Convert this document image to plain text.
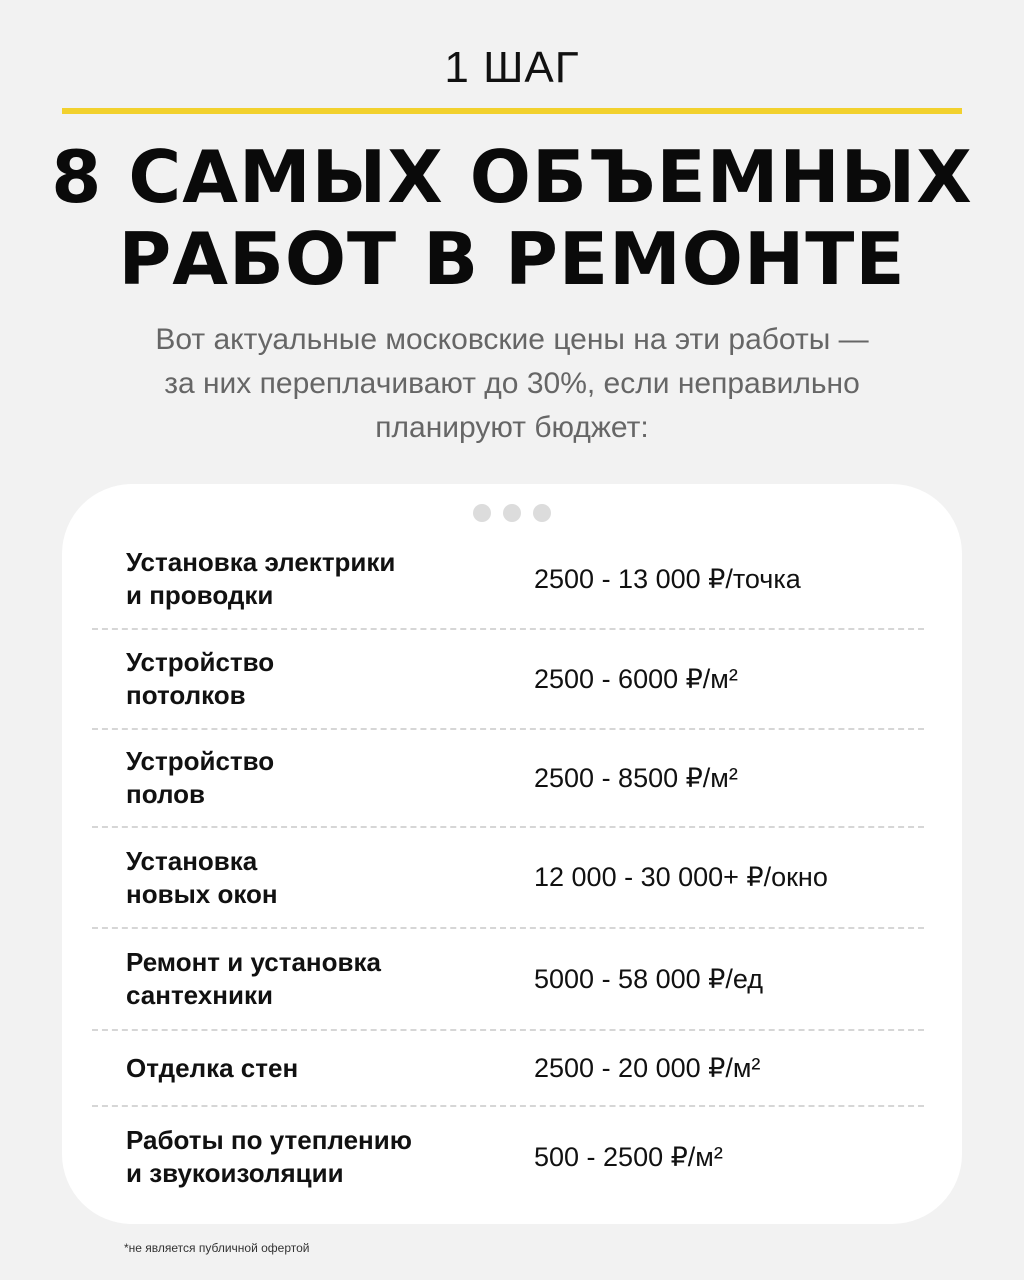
1 ШАГ
8 САМЫХ ОБЪЕМНЫХ
РАБОТ В РЕМОНТЕ
Вот актуальные московские цены на эти работы —
за них переплачивают до 30%, если неправильно
планируют бюджет:
Установка электрики
и проводки
2500 - 13 000 ₽/точка
Устройство
потолков
2500 - 6000 ₽/м²
Устройство
полов
2500 - 8500 ₽/м²
Установка
новых окон
12 000 - 30 000+ ₽/окно
Ремонт и установка
сантехники
5000 - 58 000 ₽/ед
Отделка стен	2500 - 20 000 ₽/м²
Работы по утеплению
и звукоизоляции
500 - 2500 ₽/м²
*не является публичной офертой
